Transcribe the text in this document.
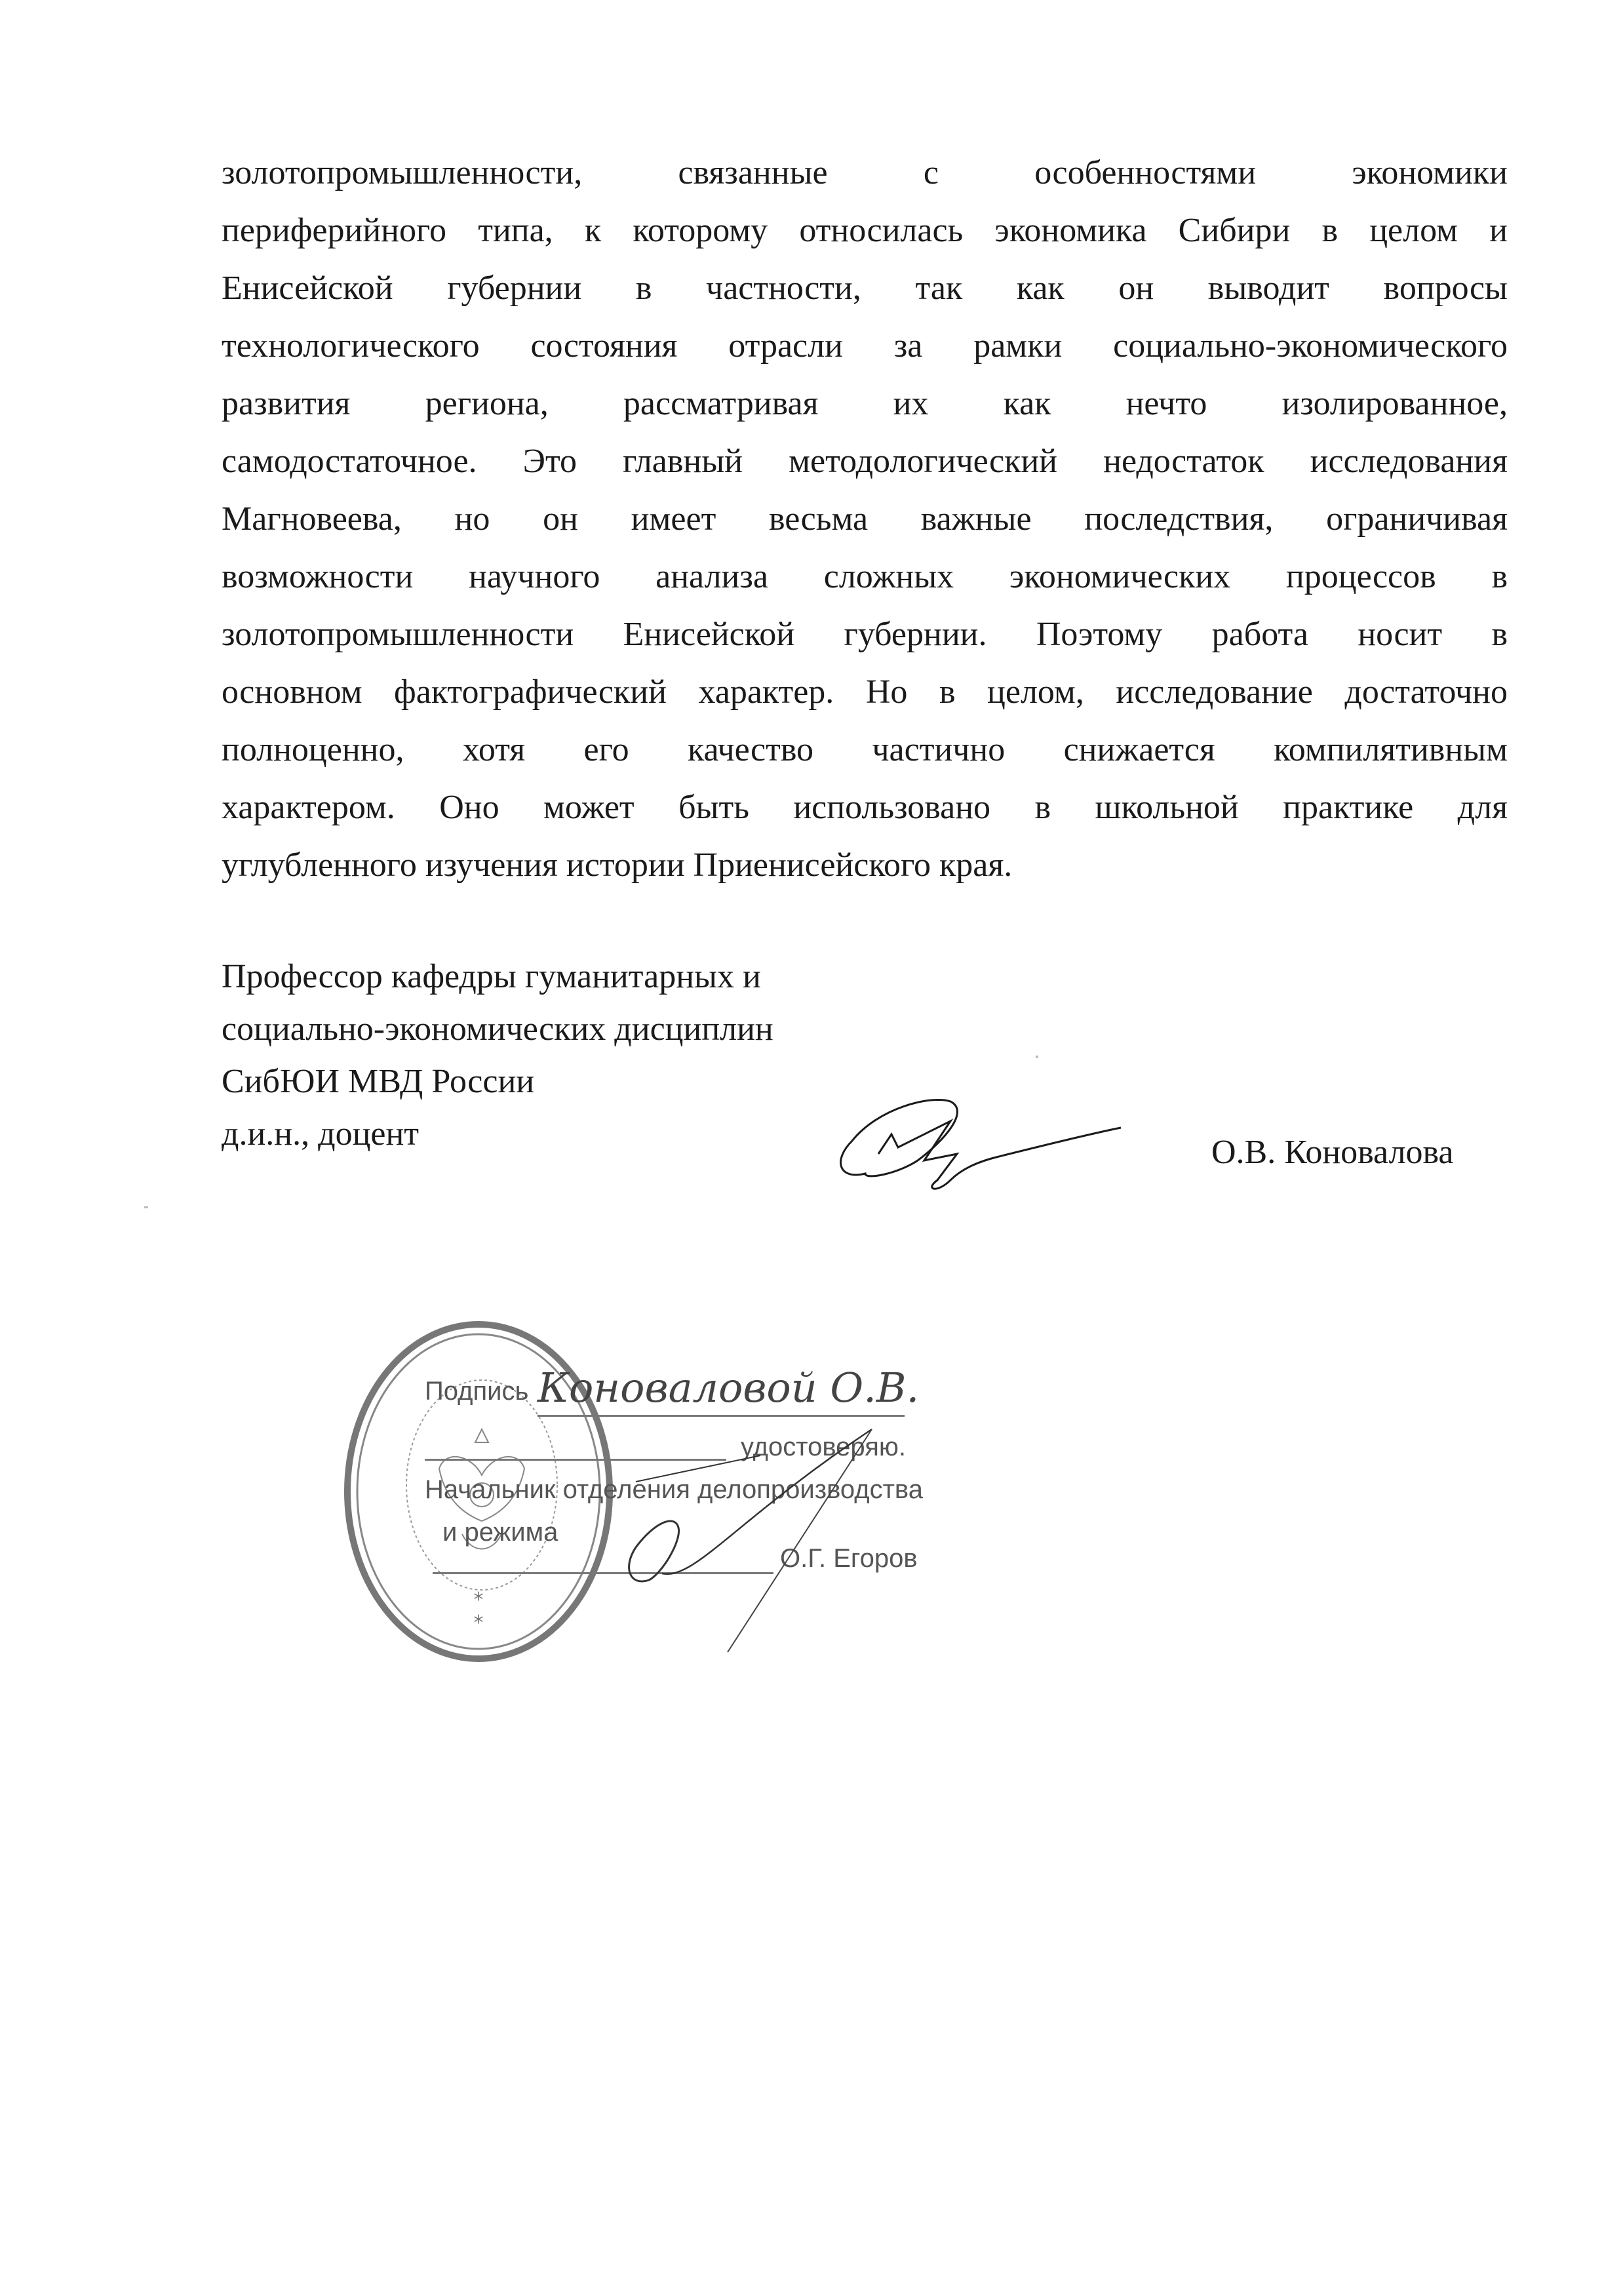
золотопромышленности, связанные с особенностями экономики
периферийного типа, к которому относилась экономика Сибири в целом и
Енисейской губернии в частности, так как он выводит вопросы
технологического состояния отрасли за рамки социально-экономического
развития региона, рассматривая их как нечто изолированное,
самодостаточное. Это главный методологический недостаток исследования
Магновеева, но он имеет весьма важные последствия, ограничивая
возможности научного анализа сложных экономических процессов в
золотопромышленности Енисейской губернии. Поэтому работа носит в
основном фактографический характер. Но в целом, исследование достаточно
полноценно, хотя его качество частично снижается компилятивным
характером. Оно может быть использовано в школьной практике для
углубленного изучения истории Приенисейского края.
Профессор кафедры гуманитарных и
социально-экономических дисциплин
СибЮИ МВД России
д.и.н., доцент	О.В. Коновалова
*
*
Подпись Коноваловой О.В.
удостоверяю.
Начальник отделения делопроизводства
и режима
О.Г. Егоров
